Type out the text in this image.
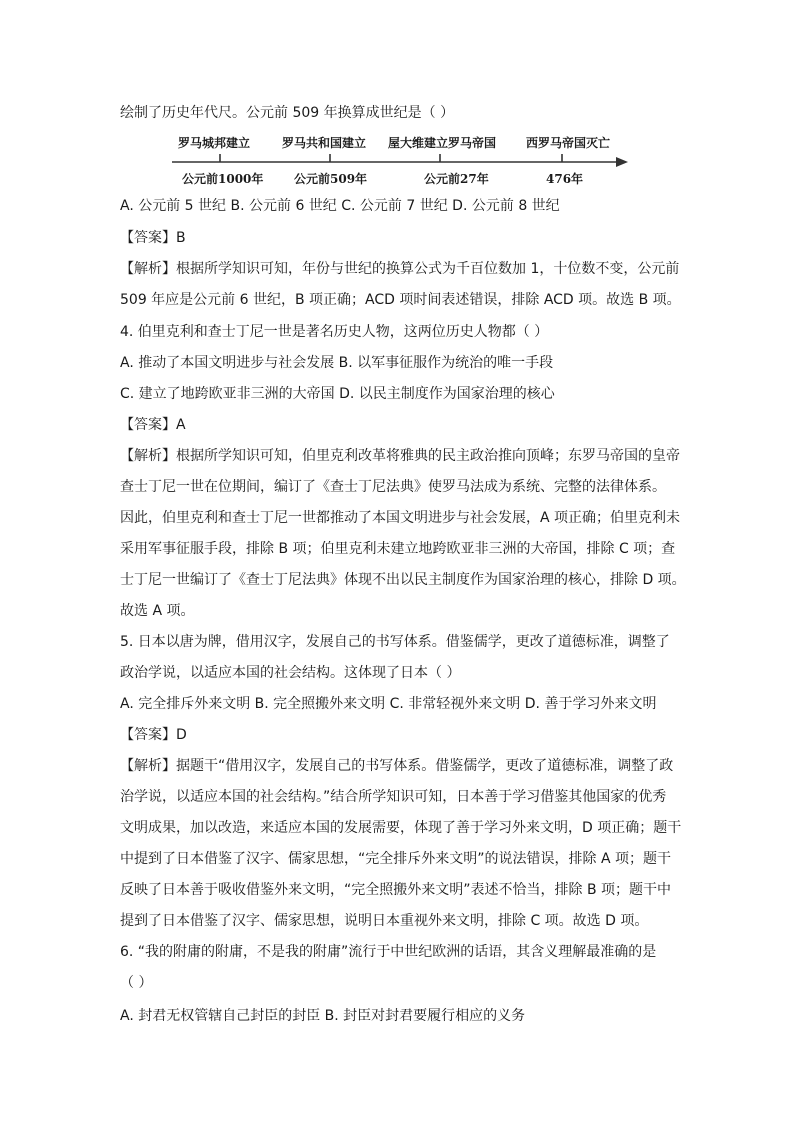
绘制了历史年代尺。公元前 509 年换算成世纪是（ ）
罗马城邦建立	罗马共和国建立 屋大维建立罗马帝国 西罗马帝国灭亡
公元前1000年	公元前509年	公元前27年	476年
A. 公元前 5 世纪 B. 公元前 6 世纪 C. 公元前 7 世纪 D. 公元前 8 世纪
【答案】B
【解析】根据所学知识可知，年份与世纪的换算公式为千百位数加 1，十位数不变，公元前
509 年应是公元前 6 世纪，B 项正确；ACD 项时间表述错误，排除 ACD 项。故选 B 项。
4. 伯里克利和查士丁尼一世是著名历史人物，这两位历史人物都（ ）
A. 推动了本国文明进步与社会发展 B. 以军事征服作为统治的唯一手段
C. 建立了地跨欧亚非三洲的大帝国 D. 以民主制度作为国家治理的核心
【答案】A
【解析】根据所学知识可知，伯里克利改革将雅典的民主政治推向顶峰；东罗马帝国的皇帝
查士丁尼一世在位期间，编订了《查士丁尼法典》使罗马法成为系统、完整的法律体系。
因此，伯里克利和查士丁尼一世都推动了本国文明进步与社会发展，A 项正确；伯里克利未
采用军事征服手段，排除 B 项；伯里克利未建立地跨欧亚非三洲的大帝国，排除 C 项；查
士丁尼一世编订了《查士丁尼法典》体现不出以民主制度作为国家治理的核心，排除 D 项。
故选 A 项。
5. 日本以唐为牌，借用汉字，发展自己的书写体系。借鉴儒学，更改了道德标准，调整了
政治学说，以适应本国的社会结构。这体现了日本（ ）
A. 完全排斥外来文明 B. 完全照搬外来文明 C. 非常轻视外来文明 D. 善于学习外来文明
【答案】D
【解析】据题干“借用汉字，发展自己的书写体系。借鉴儒学，更改了道德标准，调整了政
治学说，以适应本国的社会结构。”结合所学知识可知，日本善于学习借鉴其他国家的优秀
文明成果，加以改造，来适应本国的发展需要，体现了善于学习外来文明，D 项正确；题干
中提到了日本借鉴了汉字、儒家思想，“完全排斥外来文明”的说法错误，排除 A 项；题干
反映了日本善于吸收借鉴外来文明，“完全照搬外来文明”表述不恰当，排除 B 项；题干中
提到了日本借鉴了汉字、儒家思想，说明日本重视外来文明，排除 C 项。故选 D 项。
6. “我的附庸的附庸，不是我的附庸”流行于中世纪欧洲的话语，其含义理解最准确的是
（ ）
A. 封君无权管辖自己封臣的封臣 B. 封臣对封君要履行相应的义务
